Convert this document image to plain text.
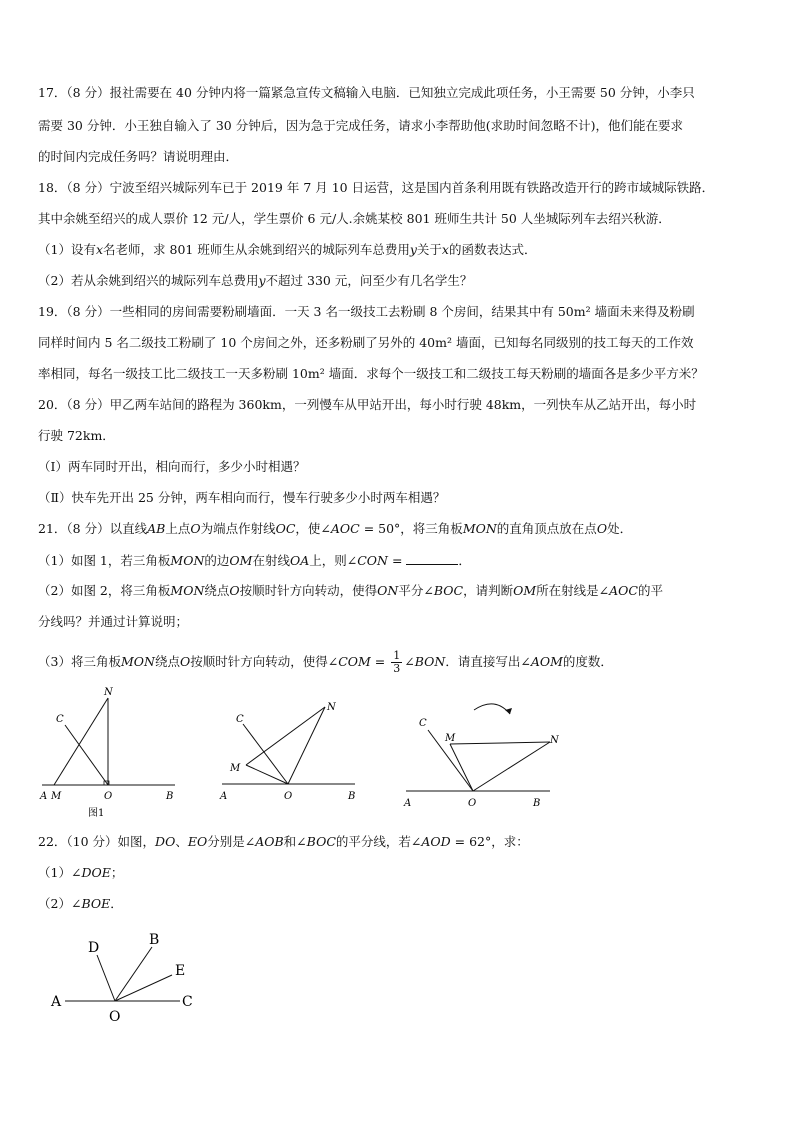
17．（8 分）报社需要在 40 分钟内将一篇紧急宣传文稿输入电脑．已知独立完成此项任务，小王需要 50 分钟，小李只
需要 30 分钟．小王独自输入了 30 分钟后，因为急于完成任务，请求小李帮助他(求助时间忽略不计)，他们能在要求
的时间内完成任务吗？请说明理由．
18．（8 分）宁波至绍兴城际列车已于 2019 年 7 月 10 日运营，这是国内首条利用既有铁路改造开行的跨市域城际铁路．
其中余姚至绍兴的成人票价 12 元/人，学生票价 6 元/人.余姚某校 801 班师生共计 50 人坐城际列车去绍兴秋游．
（1）设有x名老师，求 801 班师生从余姚到绍兴的城际列车总费用y关于x的函数表达式．
（2）若从余姚到绍兴的城际列车总费用y不超过 330 元，问至少有几名学生？
19．（8 分）一些相同的房间需要粉刷墙面．一天 3 名一级技工去粉刷 8 个房间，结果其中有 50m² 墙面未来得及粉刷
同样时间内 5 名二级技工粉刷了 10 个房间之外，还多粉刷了另外的 40m² 墙面，已知每名同级别的技工每天的工作效
率相同，每名一级技工比二级技工一天多粉刷 10m² 墙面．求每个一级技工和二级技工每天粉刷的墙面各是多少平方米？
20．（8 分）甲乙两车站间的路程为 360km，一列慢车从甲站开出，每小时行驶 48km，一列快车从乙站开出，每小时
行驶 72km．
（Ⅰ）两车同时开出，相向而行，多少小时相遇？
（Ⅱ）快车先开出 25 分钟，两车相向而行，慢车行驶多少小时两车相遇？
21．（8 分）以直线AB上点O为端点作射线OC，使∠AOC = 50°，将三角板MON的直角顶点放在点O处．
（1）如图 1，若三角板MON的边OM在射线OA上，则∠CON =	．
（2）如图 2，将三角板MON绕点O按顺时针方向转动，使得ON平分∠BOC，请判断OM所在射线是∠AOC的平
分线吗？并通过计算说明；
（3）将三角板MON绕点O按顺时针方向转动，使得∠COM = $\frac{1}{3}$ ∠BON．请直接写出∠AOM的度数．
A M	O	B
C
N
图1
A	O	B
C
N
M
A	O	B
C
M	N
22．（10 分）如图，DO、EO分别是∠AOB和∠BOC的平分线，若∠AOD = 62°，求：
（1）∠DOE；
（2）∠BOE．
A
O
C
D	B
E
